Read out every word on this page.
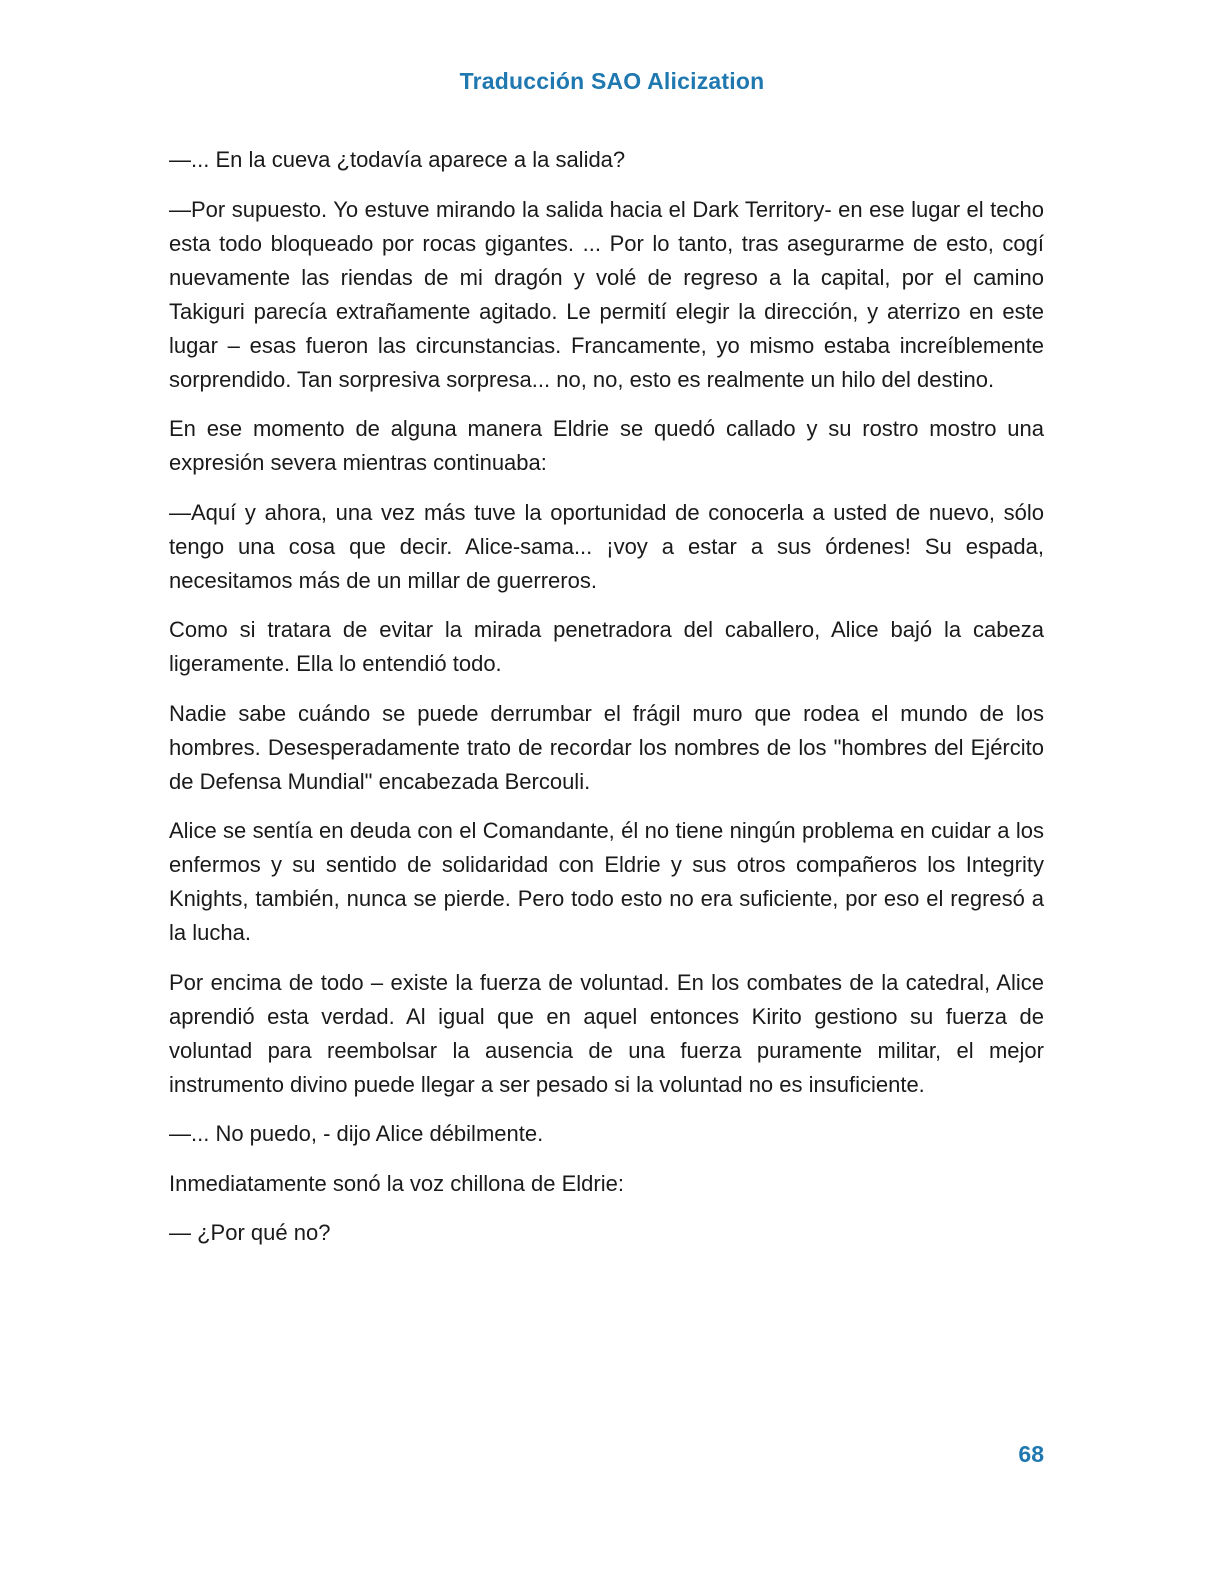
Traducción SAO Alicization

—... En la cueva ¿todavía aparece a la salida?

—Por supuesto. Yo estuve mirando la salida hacia el Dark Territory- en ese lugar el techo esta todo bloqueado por rocas gigantes. ... Por lo tanto, tras asegurarme de esto, cogí nuevamente las riendas de mi dragón y volé de regreso a la capital, por el camino Takiguri parecía extrañamente agitado. Le permití elegir la dirección, y aterrizo en este lugar – esas fueron las circunstancias. Francamente, yo mismo estaba increíblemente sorprendido. Tan sorpresiva sorpresa... no, no, esto es realmente un hilo del destino.

En ese momento de alguna manera Eldrie se quedó callado y su rostro mostro una expresión severa mientras continuaba:

—Aquí y ahora, una vez más tuve la oportunidad de conocerla a usted de nuevo, sólo tengo una cosa que decir. Alice-sama... ¡voy a estar a sus órdenes! Su espada, necesitamos más de un millar de guerreros.

Como si tratara de evitar la mirada penetradora del caballero, Alice bajó la cabeza ligeramente. Ella lo entendió todo.

Nadie sabe cuándo se puede derrumbar el frágil muro que rodea el mundo de los hombres. Desesperadamente trato de recordar los nombres de los "hombres del Ejército de Defensa Mundial" encabezada Bercouli.

Alice se sentía en deuda con el Comandante, él no tiene ningún problema en cuidar a los enfermos y su sentido de solidaridad con Eldrie y sus otros compañeros los Integrity Knights, también, nunca se pierde. Pero todo esto no era suficiente, por eso el regresó a la lucha.

Por encima de todo – existe la fuerza de voluntad. En los combates de la catedral, Alice aprendió esta verdad. Al igual que en aquel entonces Kirito gestiono su fuerza de voluntad para reembolsar la ausencia de una fuerza puramente militar, el mejor instrumento divino puede llegar a ser pesado si la voluntad no es insuficiente.

—... No puedo, - dijo Alice débilmente.

Inmediatamente sonó la voz chillona de Eldrie:

— ¿Por qué no?

68
